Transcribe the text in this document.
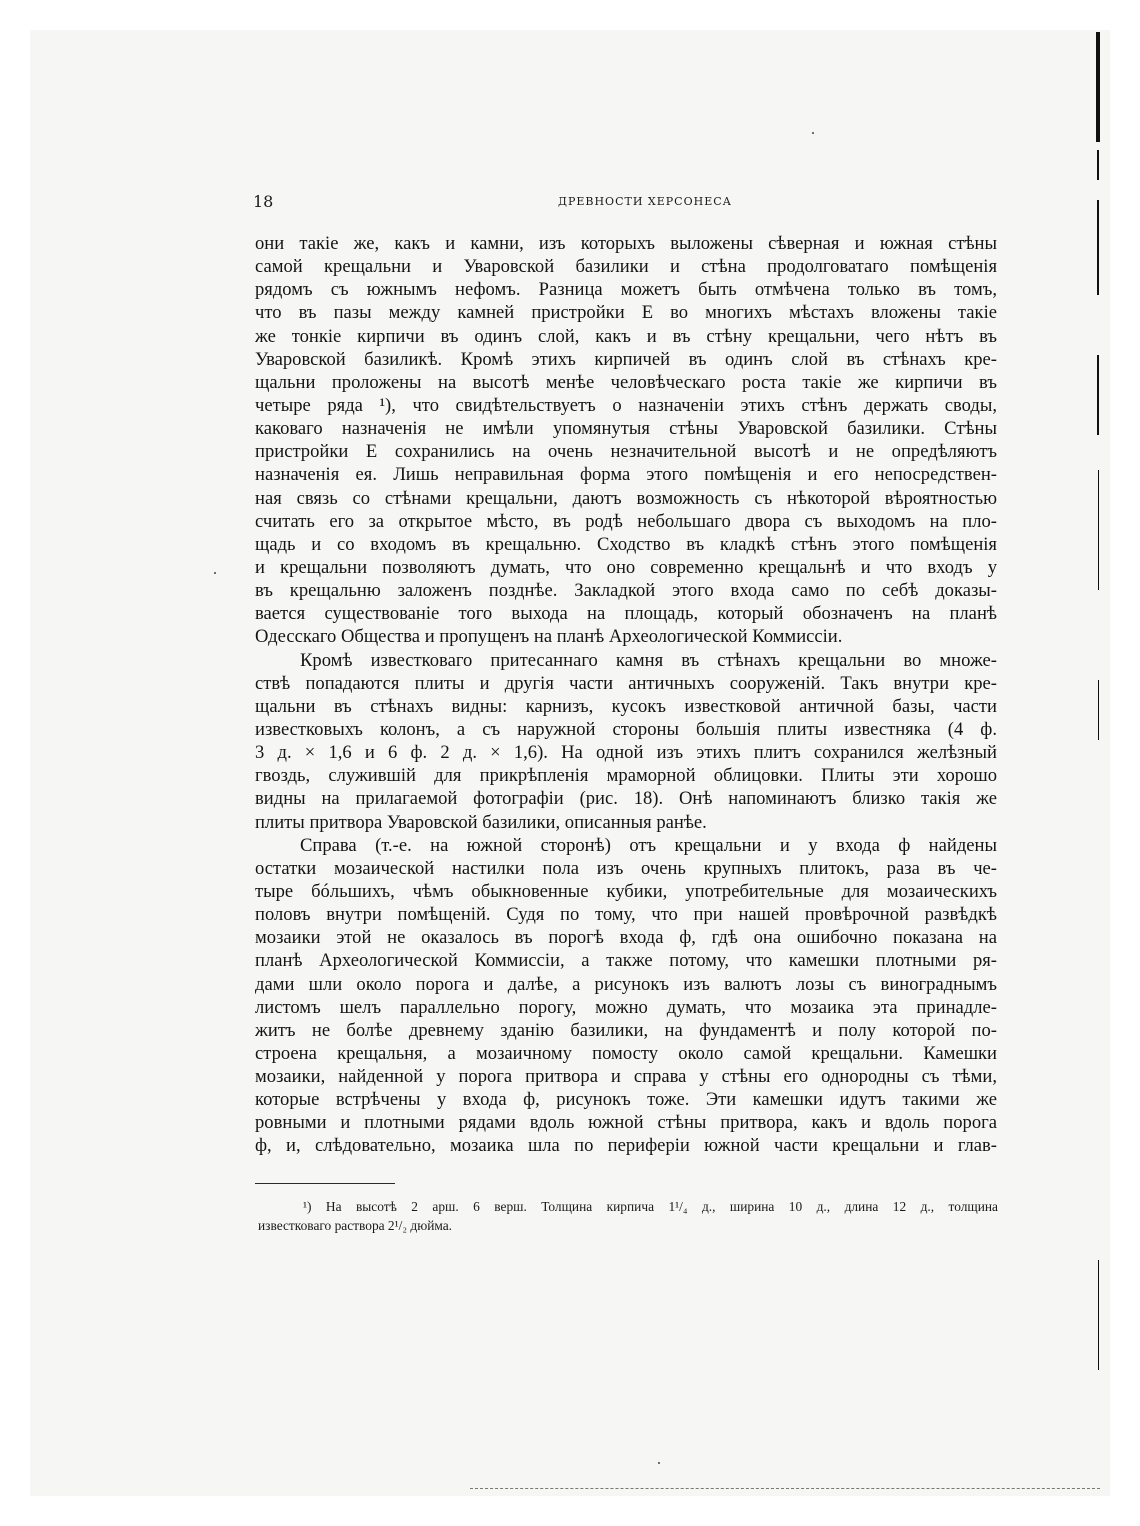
18	ДРЕВНОСТИ ХЕРСОНЕСА
они такіе же, какъ и камни, изъ которыхъ выложены сѣверная и южная стѣны
самой крещальни и Уваровской базилики и стѣна продолговатаго помѣщенія
рядомъ съ южнымъ нефомъ. Разница можетъ быть отмѣчена только въ томъ,
что въ пазы между камней пристройки E во многихъ мѣстахъ вложены такіе
же тонкіе кирпичи въ одинъ слой, какъ и въ стѣну крещальни, чего нѣтъ въ
Уваровской базиликѣ. Кромѣ этихъ кирпичей въ одинъ слой въ стѣнахъ кре-
щальни проложены на высотѣ менѣе человѣческаго роста такіе же кирпичи въ
четыре ряда ¹), что свидѣтельствуетъ о назначеніи этихъ стѣнъ держать своды,
каковаго назначенія не имѣли упомянутыя стѣны Уваровской базилики. Стѣны
пристройки E сохранились на очень незначительной высотѣ и не опредѣляютъ
назначенія ея. Лишь неправильная форма этого помѣщенія и его непосредствен-
ная связь со стѣнами крещальни, даютъ возможность съ нѣкоторой вѣроятностью
считать его за открытое мѣсто, въ родѣ небольшаго двора съ выходомъ на пло-
щадь и со входомъ въ крещальню. Сходство въ кладкѣ стѣнъ этого помѣщенія
и крещальни позволяютъ думать, что оно современно крещальнѣ и что входъ y
въ крещальню заложенъ позднѣе. Закладкой этого входа само по себѣ доказы-
вается существованіе того выхода на площадь, который обозначенъ на планѣ
Одесскаго Общества и пропущенъ на планѣ Археологической Коммиссіи.
Кромѣ известковаго притесаннаго камня въ стѣнахъ крещальни во множе-
ствѣ попадаются плиты и другія части античныхъ сооруженій. Такъ внутри кре-
щальни въ стѣнахъ видны: карнизъ, кусокъ известковой античной базы, части
известковыхъ колонъ, а съ наружной стороны большія плиты известняка (4 ф.
3 д. × 1,6 и 6 ф. 2 д. × 1,6). На одной изъ этихъ плитъ сохранился желѣзный
гвоздь, служившій для прикрѣпленія мраморной облицовки. Плиты эти хорошо
видны на прилагаемой фотографіи (рис. 18). Онѣ напоминаютъ близко такія же
плиты притвора Уваровской базилики, описанныя ранѣе.
Справа (т.-е. на южной сторонѣ) отъ крещальни и у входа ф найдены
остатки мозаической настилки пола изъ очень крупныхъ плитокъ, раза въ че-
тыре бóльшихъ, чѣмъ обыкновенные кубики, употребительные для мозаическихъ
половъ внутри помѣщеній. Судя по тому, что при нашей провѣрочной развѣдкѣ
мозаики этой не оказалось въ порогѣ входа ф, гдѣ она ошибочно показана на
планѣ Археологической Коммиссіи, а также потому, что камешки плотными ря-
дами шли около порога и далѣе, а рисунокъ изъ валютъ лозы съ винограднымъ
листомъ шелъ параллельно порогу, можно думать, что мозаика эта принадле-
житъ не болѣе древнему зданію базилики, на фундаментѣ и полу которой по-
строена крещальня, а мозаичному помосту около самой крещальни. Камешки
мозаики, найденной у порога притвора и справа у стѣны его однородны съ тѣми,
которые встрѣчены у входа ф, рисунокъ тоже. Эти камешки идутъ такими же
ровными и плотными рядами вдоль южной стѣны притвора, какъ и вдоль порога
ф, и, слѣдовательно, мозаика шла по периферіи южной части крещальни и глав-
¹) На высотѣ 2 арш. 6 верш. Толщина кирпича 1¹/₄ д., ширина 10 д., длина 12 д., толщина
известковаго раствора 2¹/₂ дюйма.
